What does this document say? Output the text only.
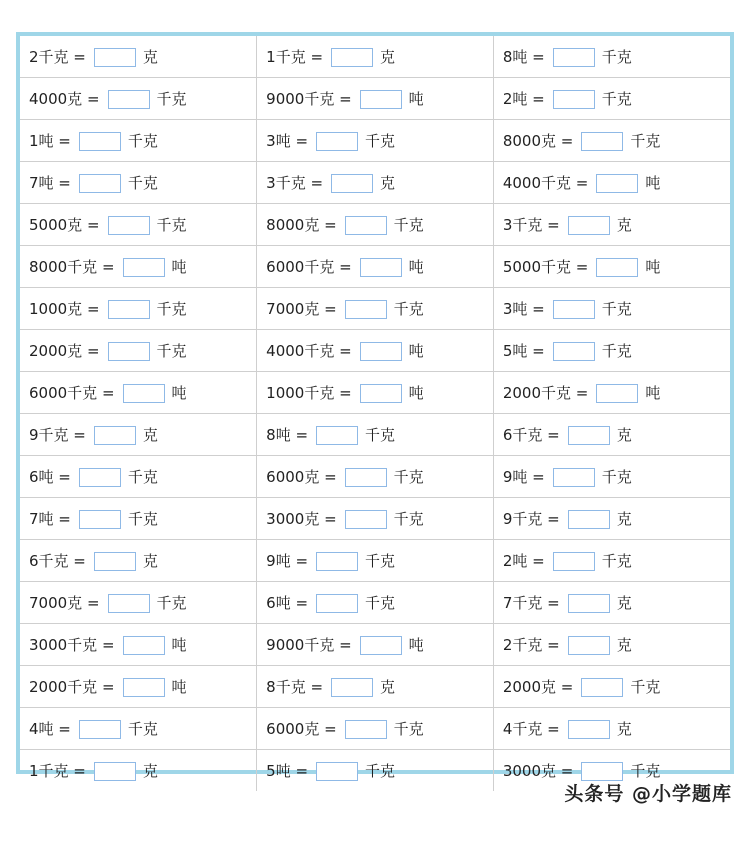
2千克 = 克	1千克 = 克	8吨 = 千克
4000克 = 千克	9000千克 = 吨	2吨 = 千克
1吨 = 千克	3吨 = 千克	8000克 = 千克
7吨 = 千克	3千克 = 克	4000千克 = 吨
5000克 = 千克	8000克 = 千克	3千克 = 克
8000千克 = 吨	6000千克 = 吨	5000千克 = 吨
1000克 = 千克	7000克 = 千克	3吨 = 千克
2000克 = 千克	4000千克 = 吨	5吨 = 千克
6000千克 = 吨	1000千克 = 吨	2000千克 = 吨
9千克 = 克	8吨 = 千克	6千克 = 克
6吨 = 千克	6000克 = 千克	9吨 = 千克
7吨 = 千克	3000克 = 千克	9千克 = 克
6千克 = 克	9吨 = 千克	2吨 = 千克
7000克 = 千克	6吨 = 千克	7千克 = 克
3000千克 = 吨	9000千克 = 吨	2千克 = 克
2000千克 = 吨	8千克 = 克	2000克 = 千克
4吨 = 千克	6000克 = 千克	4千克 = 克
1千克 = 克	5吨 = 千克	3000克 = 千克
头条号 @小学题库
